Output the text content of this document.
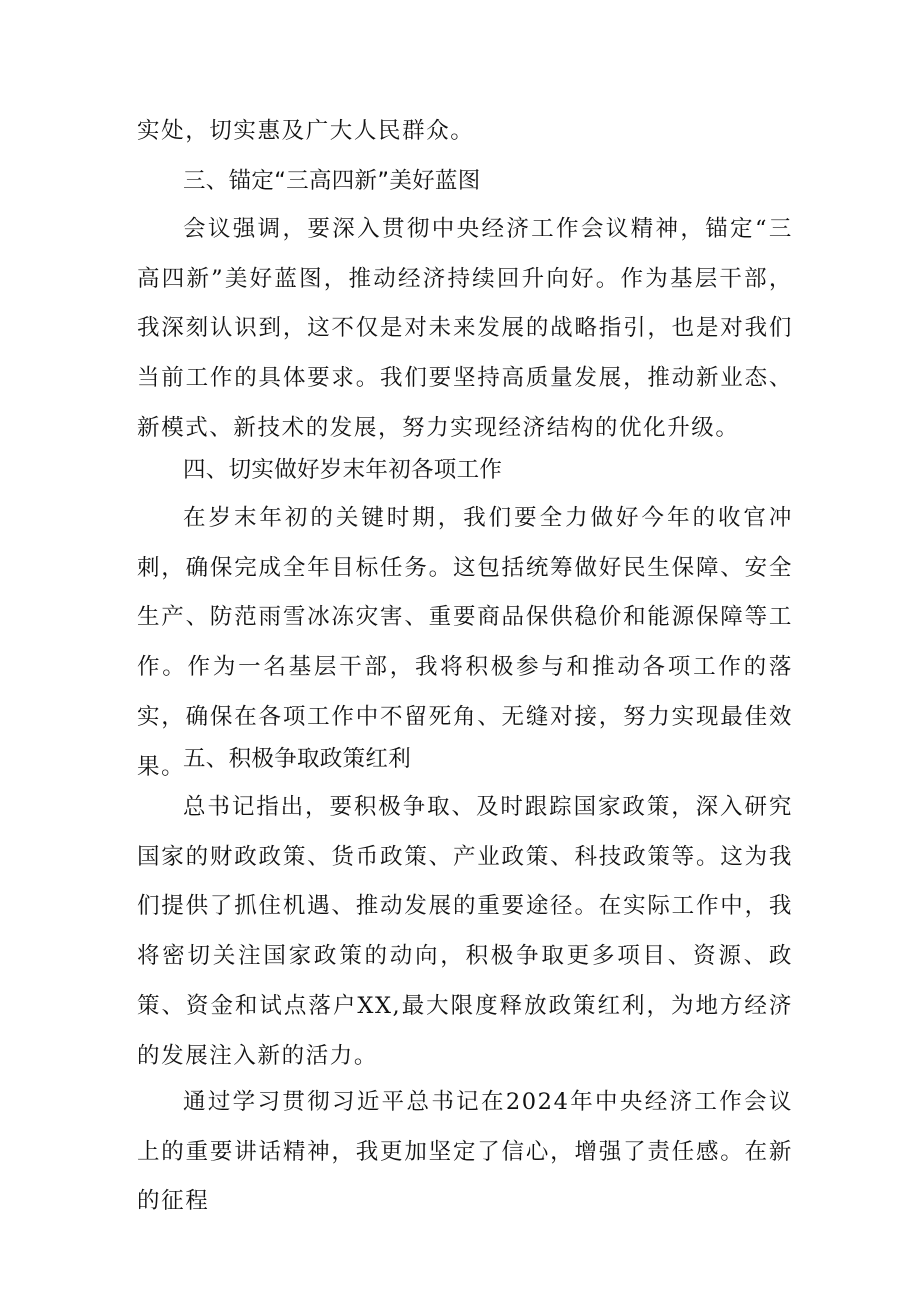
实处，切实惠及广大人民群众。

三、锚定“三高四新”美好蓝图

会议强调，要深入贯彻中央经济工作会议精神，锚定“三高四新”美好蓝图，推动经济持续回升向好。作为基层干部，我深刻认识到，这不仅是对未来发展的战略指引，也是对我们当前工作的具体要求。我们要坚持高质量发展，推动新业态、新模式、新技术的发展，努力实现经济结构的优化升级。

四、切实做好岁末年初各项工作

在岁末年初的关键时期，我们要全力做好今年的收官冲刺，确保完成全年目标任务。这包括统筹做好民生保障、安全生产、防范雨雪冰冻灾害、重要商品保供稳价和能源保障等工作。作为一名基层干部，我将积极参与和推动各项工作的落实，确保在各项工作中不留死角、无缝对接，努力实现最佳效果。

五、积极争取政策红利

总书记指出，要积极争取、及时跟踪国家政策，深入研究国家的财政政策、货币政策、产业政策、科技政策等。这为我们提供了抓住机遇、推动发展的重要途径。在实际工作中，我将密切关注国家政策的动向，积极争取更多项目、资源、政策、资金和试点落户XX,最大限度释放政策红利，为地方经济的发展注入新的活力。

通过学习贯彻习近平总书记在2024年中央经济工作会议上的重要讲话精神，我更加坚定了信心，增强了责任感。在新的征程
